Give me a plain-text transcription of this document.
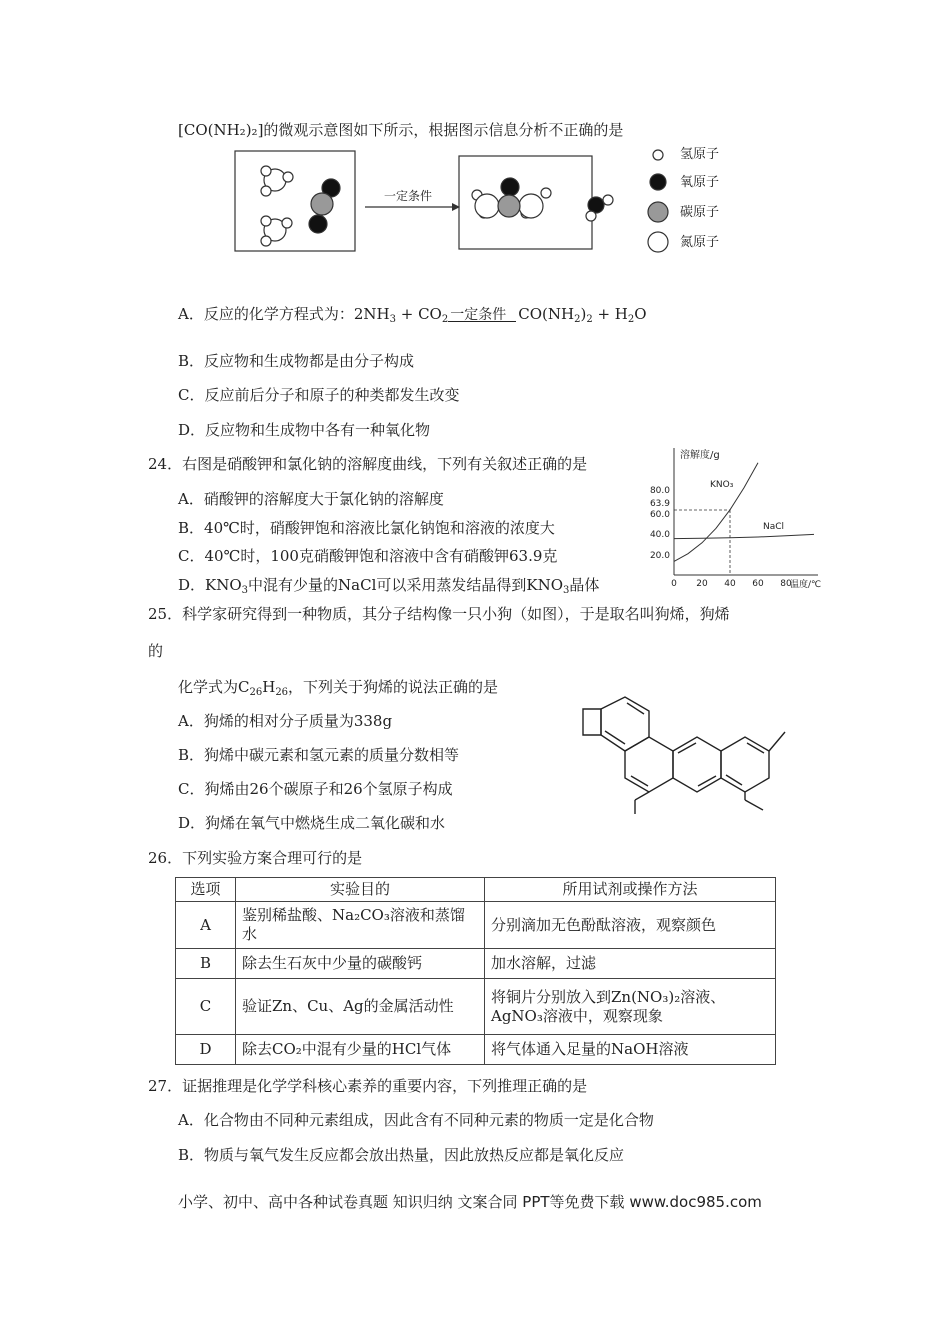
[CO(NH₂)₂]的微观示意图如下所示，根据图示信息分析不正确的是
一定条件
氢原子
氧原子
碳原子
氮原子
A．反应的化学方程式为：$2NH_3 + CO_2$ 一定条件 $CO(NH_2)_2 + H_2O$
B．反应物和生成物都是由分子构成
C．反应前后分子和原子的种类都发生改变
D．反应物和生成物中各有一种氧化物
24．右图是硝酸钾和氯化钠的溶解度曲线，下列有关叙述正确的是
A．硝酸钾的溶解度大于氯化钠的溶解度
B．40℃时，硝酸钾饱和溶液比氯化钠饱和溶液的浓度大
C．40℃时，100克硝酸钾饱和溶液中含有硝酸钾63.9克
D．$KNO_3$中混有少量的NaCl可以采用蒸发结晶得到$KNO_3$晶体
溶解度/g
温度/℃
80.0
63.9
60.0
40.0
20.0
0 20 40 60 80
KNO₃
NaCl
25．科学家研究得到一种物质，其分子结构像一只小狗（如图），于是取名叫狗烯，狗烯
的
化学式为$C_{26}H_{26}$，下列关于狗烯的说法正确的是
A．狗烯的相对分子质量为338g
B．狗烯中碳元素和氢元素的质量分数相等
C．狗烯由26个碳原子和26个氢原子构成
D．狗烯在氧气中燃烧生成二氧化碳和水
26．下列实验方案合理可行的是
选项	实验目的	所用试剂或操作方法
A	鉴别稀盐酸、Na₂CO₃溶液和蒸馏水	分别滴加无色酚酞溶液，观察颜色
B	除去生石灰中少量的碳酸钙	加水溶解，过滤
C	验证Zn、Cu、Ag的金属活动性	将铜片分别放入到Zn(NO₃)₂溶液、AgNO₃溶液中，观察现象
D	除去CO₂中混有少量的HCl气体	将气体通入足量的NaOH溶液
27．证据推理是化学学科核心素养的重要内容，下列推理正确的是
A．化合物由不同种元素组成，因此含有不同种元素的物质一定是化合物
B．物质与氧气发生反应都会放出热量，因此放热反应都是氧化反应
小学、初中、高中各种试卷真题 知识归纳 文案合同 PPT等免费下载 www.doc985.com
